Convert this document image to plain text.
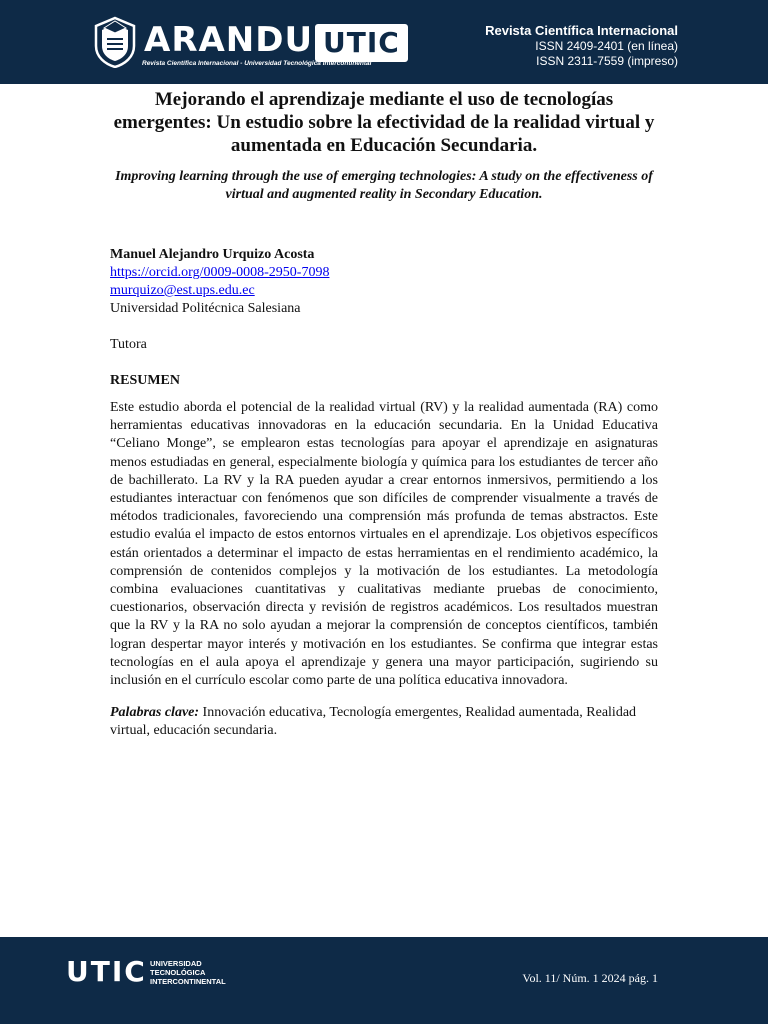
ARANDU UTIC
Revista Científica Internacional - Universidad Tecnológica Intercontinental
Revista Científica Internacional
ISSN 2409-2401 (en línea)
ISSN 2311-7559 (impreso)
Mejorando el aprendizaje mediante el uso de tecnologías emergentes: Un estudio sobre la efectividad de la realidad virtual y aumentada en Educación Secundaria.

Improving learning through the use of emerging technologies: A study on the effectiveness of virtual and augmented reality in Secondary Education.

Manuel Alejandro Urquizo Acosta
https://orcid.org/0009-0008-2950-7098
murquizo@est.ups.edu.ec
Universidad Politécnica Salesiana
Tutora
RESUMEN

Este estudio aborda el potencial de la realidad virtual (RV) y la realidad aumentada (RA) como herramientas educativas innovadoras en la educación secundaria. En la Unidad Educativa “Celiano Monge”, se emplearon estas tecnologías para apoyar el aprendizaje en asignaturas menos estudiadas en general, especialmente biología y química para los estudiantes de tercer año de bachillerato. La RV y la RA pueden ayudar a crear entornos inmersivos, permitiendo a los estudiantes interactuar con fenómenos que son difíciles de comprender visualmente a través de métodos tradicionales, favoreciendo una comprensión más profunda de temas abstractos. Este estudio evalúa el impacto de estos entornos virtuales en el aprendizaje. Los objetivos específicos están orientados a determinar el impacto de estas herramientas en el rendimiento académico, la comprensión de contenidos complejos y la motivación de los estudiantes. La metodología combina evaluaciones cuantitativas y cualitativas mediante pruebas de conocimiento, cuestionarios, observación directa y revisión de registros académicos. Los resultados muestran que la RV y la RA no solo ayudan a mejorar la comprensión de conceptos científicos, también logran despertar mayor interés y motivación en los estudiantes. Se confirma que integrar estas tecnologías en el aula apoya el aprendizaje y genera una mayor participación, sugiriendo su inclusión en el currículo escolar como parte de una política educativa innovadora.

Palabras clave: Innovación educativa, Tecnología emergentes, Realidad aumentada, Realidad virtual, educación secundaria.

UTIC UNIVERSIDAD
TECNOLÓGICA
INTERCONTINENTAL	Vol. 11/ Núm. 1 2024 pág. 1
